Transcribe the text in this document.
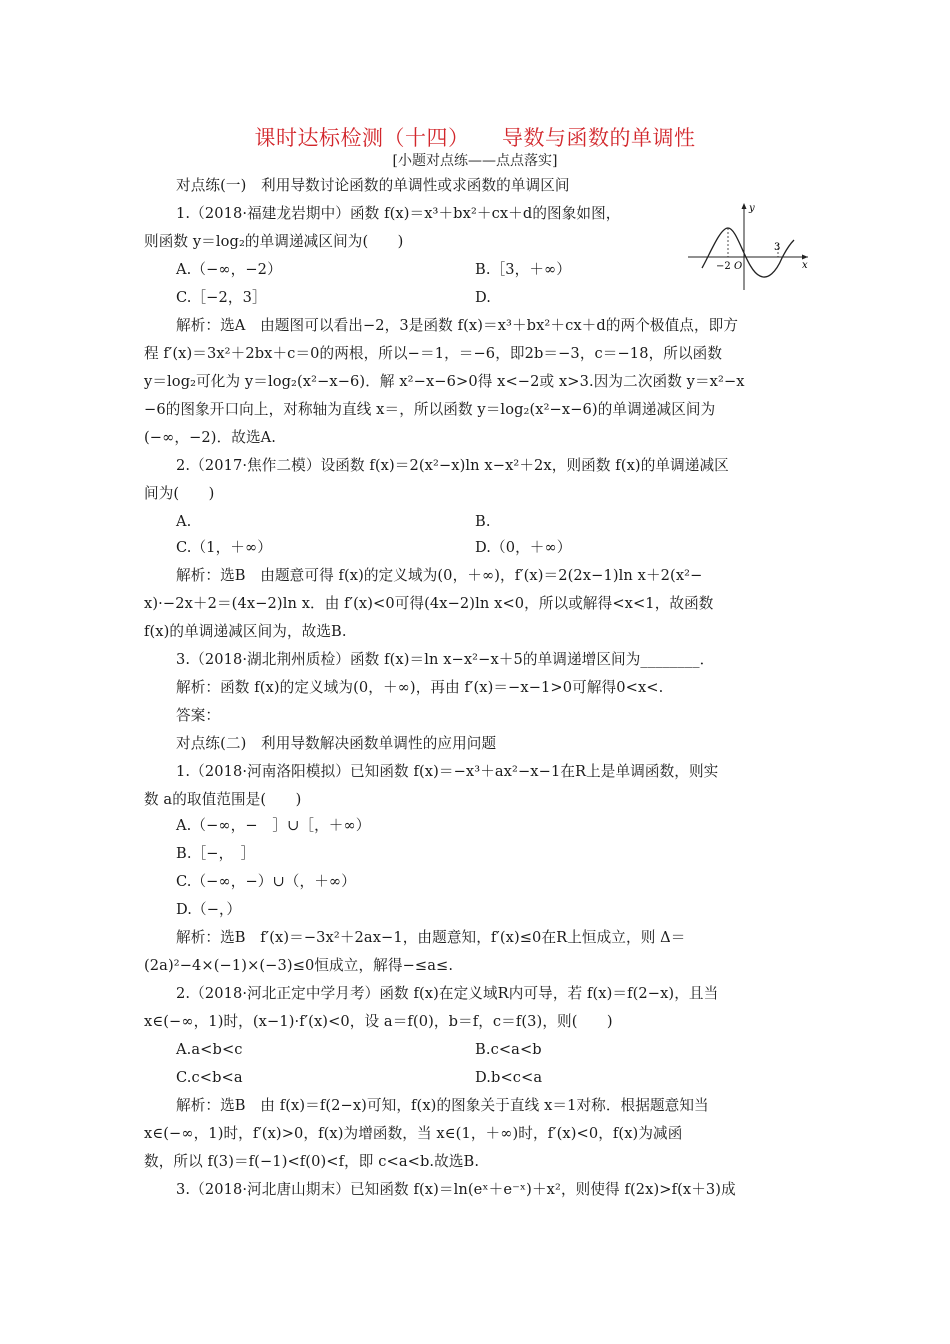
课时达标检测（十四）　　导数与函数的单调性
[小题对点练——点点落实]
对点练(一)　利用导数讨论函数的单调性或求函数的单调区间
1.（2018·福建龙岩期中）函数 f(x)＝x³＋bx²＋cx＋d的图象如图，
则函数 y＝log₂的单调递减区间为(　　)
A.（−∞，−2）	B.［3，＋∞）
C.［−2，3］	D.
解析：选A　由题图可以看出−2，3是函数 f(x)＝x³＋bx²＋cx＋d的两个极值点，即方
程 f′(x)＝3x²＋2bx＋c＝0的两根，所以−＝1，＝−6，即2b＝−3，c＝−18，所以函数
y＝log₂可化为 y＝log₂(x²−x−6)．解 x²−x−6>0得 x<−2或 x>3.因为二次函数 y＝x²−x
−6的图象开口向上，对称轴为直线 x＝，所以函数 y＝log₂(x²−x−6)的单调递减区间为
(−∞，−2)．故选A.
2.（2017·焦作二模）设函数 f(x)＝2(x²−x)ln x−x²＋2x，则函数 f(x)的单调递减区
间为(　　)
A.	B.
C.（1，＋∞）	D.（0，＋∞）
解析：选B　由题意可得 f(x)的定义域为(0，＋∞)，f′(x)＝2(2x−1)ln x＋2(x²−
x)·−2x＋2＝(4x−2)ln x．由 f′(x)<0可得(4x−2)ln x<0，所以或解得<x<1，故函数
f(x)的单调递减区间为，故选B.
3.（2018·湖北荆州质检）函数 f(x)＝ln x−x²−x＋5的单调递增区间为________．
解析：函数 f(x)的定义域为(0，＋∞)，再由 f′(x)＝−x−1>0可解得0<x<.
答案：
对点练(二)　利用导数解决函数单调性的应用问题
1.（2018·河南洛阳模拟）已知函数 f(x)＝−x³＋ax²−x−1在R上是单调函数，则实
数 a的取值范围是(　　)
A.（−∞，−　］∪［，＋∞）
B.［−，　］
C.（−∞，−）∪（，＋∞）
D.（−，）
解析：选B　f′(x)＝−3x²＋2ax−1，由题意知，f′(x)≤0在R上恒成立，则 Δ＝
(2a)²−4×(−1)×(−3)≤0恒成立，解得−≤a≤.
2.（2018·河北正定中学月考）函数 f(x)在定义域R内可导，若 f(x)＝f(2−x)，且当
x∈(−∞，1)时，(x−1)·f′(x)<0，设 a＝f(0)，b＝f，c＝f(3)，则(　　)
A.a<b<c	B.c<a<b
C.c<b<a	D.b<c<a
解析：选B　由 f(x)＝f(2−x)可知，f(x)的图象关于直线 x＝1对称．根据题意知当
x∈(−∞，1)时，f′(x)>0，f(x)为增函数，当 x∈(1，＋∞)时，f′(x)<0，f(x)为减函
数，所以 f(3)＝f(−1)<f(0)<f，即 c<a<b.故选B.
3.（2018·河北唐山期末）已知函数 f(x)＝ln(eˣ＋e⁻ˣ)＋x²，则使得 f(2x)>f(x＋3)成
y
x
O
−2
3
